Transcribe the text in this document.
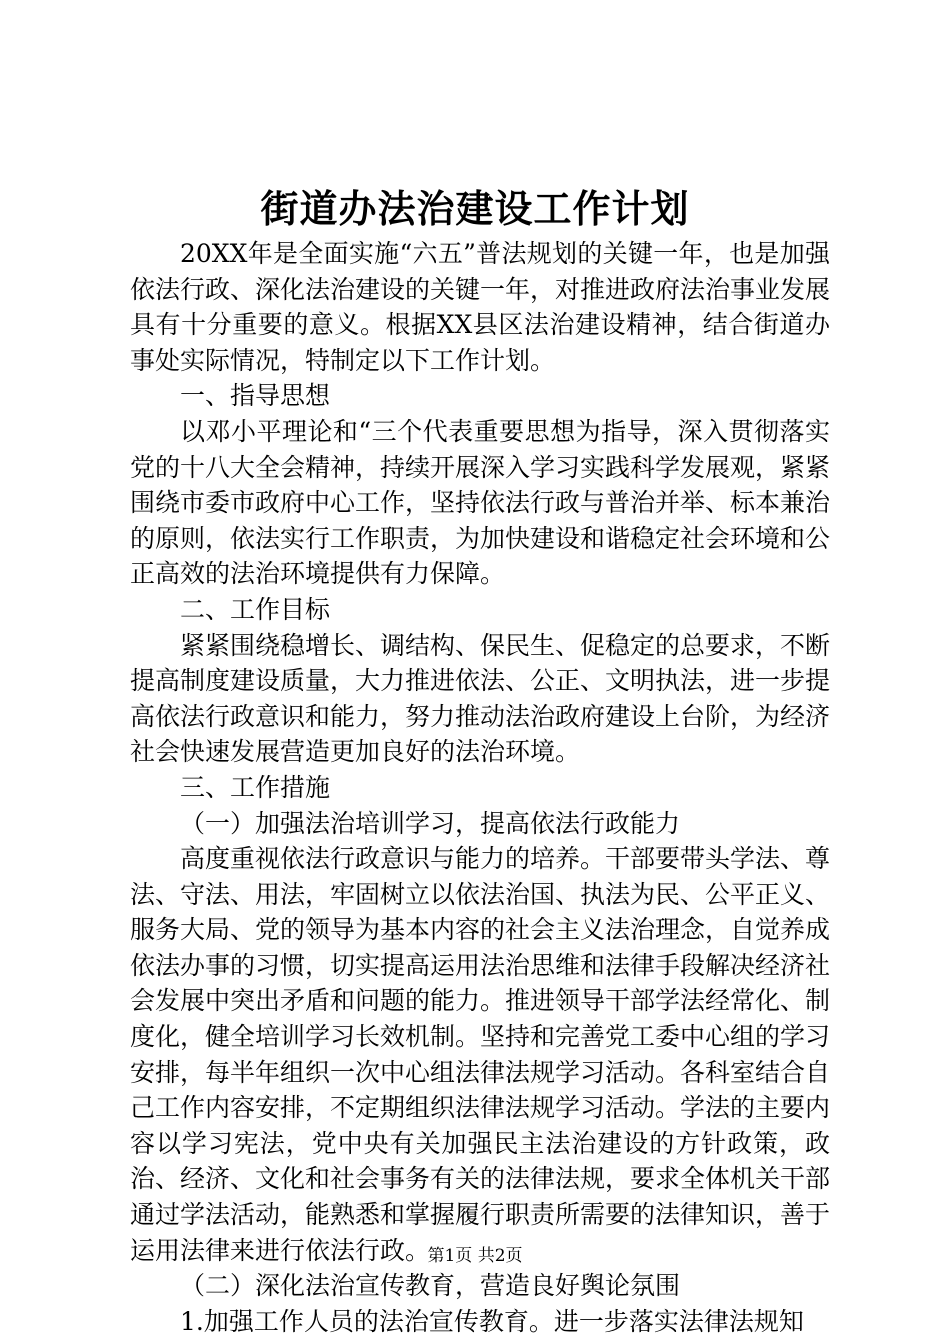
街道办法治建设工作计划

20XX年是全面实施“六五”普法规划的关键一年，也是加强依法行政、深化法治建设的关键一年，对推进政府法治事业发展具有十分重要的意义。根据XX县区法治建设精神，结合街道办事处实际情况，特制定以下工作计划。

一、指导思想

以邓小平理论和“三个代表重要思想为指导，深入贯彻落实党的十八大全会精神，持续开展深入学习实践科学发展观，紧紧围绕市委市政府中心工作，坚持依法行政与普治并举、标本兼治的原则，依法实行工作职责，为加快建设和谐稳定社会环境和公正高效的法治环境提供有力保障。

二、工作目标

紧紧围绕稳增长、调结构、保民生、促稳定的总要求，不断提高制度建设质量，大力推进依法、公正、文明执法，进一步提高依法行政意识和能力，努力推动法治政府建设上台阶，为经济社会快速发展营造更加良好的法治环境。

三、工作措施

（一）加强法治培训学习，提高依法行政能力

高度重视依法行政意识与能力的培养。干部要带头学法、尊法、守法、用法，牢固树立以依法治国、执法为民、公平正义、服务大局、党的领导为基本内容的社会主义法治理念，自觉养成依法办事的习惯，切实提高运用法治思维和法律手段解决经济社会发展中突出矛盾和问题的能力。推进领导干部学法经常化、制度化，健全培训学习长效机制。坚持和完善党工委中心组的学习安排，每半年组织一次中心组法律法规学习活动。各科室结合自己工作内容安排，不定期组织法律法规学习活动。学法的主要内容以学习宪法，党中央有关加强民主法治建设的方针政策，政治、经济、文化和社会事务有关的法律法规，要求全体机关干部通过学法活动，能熟悉和掌握履行职责所需要的法律知识，善于运用法律来进行依法行政。

（二）深化法治宣传教育，营造良好舆论氛围

1.加强工作人员的法治宣传教育。进一步落实法律法规知

第1页 共2页
